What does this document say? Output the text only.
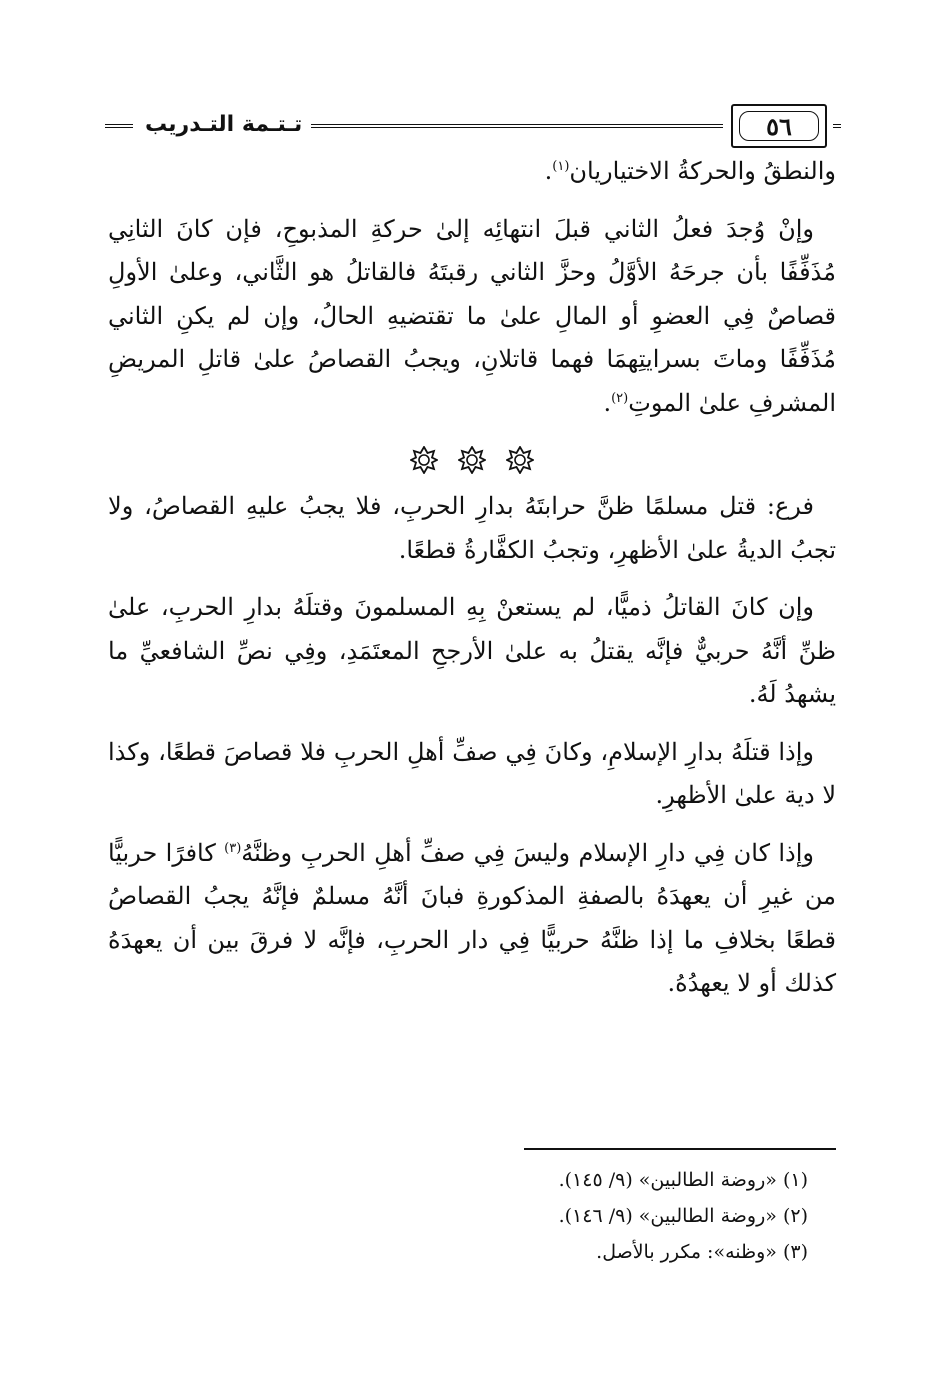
تـتـمة التـدريب	٥٦

والنطقُ والحركةُ الاختياريان$^{(١)}$.

وإنْ وُجدَ فعلُ الثاني قبلَ انتهائِه إلىٰ حركةِ المذبوحِ، فإن كانَ الثانِي مُذَفِّفًا بأن جرحَهُ الأوَّلُ وحزَّ الثاني رقبتَهُ فالقاتلُ هو الثَّاني، وعلىٰ الأولِ قصاصٌ فِي العضوِ أو المالِ علىٰ ما تقتضيهِ الحالُ، وإن لم يكنِ الثاني مُذَفِّفًا وماتَ بسرايتِهمَا فهما قاتلانِ، ويجبُ القصاصُ علىٰ قاتلِ المريضِ المشرفِ علىٰ الموتِ$^{(٢)}$.

فرع: قتل مسلمًا ظنَّ حرابتَهُ بدارِ الحربِ، فلا يجبُ عليهِ القصاصُ، ولا تجبُ الديةُ علىٰ الأظهرِ، وتجبُ الكفَّارةُ قطعًا.

وإن كانَ القاتلُ ذميًّا، لم يستعنْ بِهِ المسلمونَ وقتلَهُ بدارِ الحربِ، علىٰ ظنِّ أنَّهُ حربيٌّ فإنَّه يقتلُ به علىٰ الأرجحِ المعتَمَدِ، وفِي نصِّ الشافعيِّ ما يشهدُ لَهُ.

وإذا قتلَهُ بدارِ الإسلامِ، وكانَ فِي صفِّ أهلِ الحربِ فلا قصاصَ قطعًا، وكذا لا دية علىٰ الأظهرِ.

وإذا كان فِي دارِ الإسلام وليسَ فِي صفِّ أهلِ الحربِ وظنَّهُ$^{(٣)}$ كافرًا حربيًّا من غيرِ أن يعهدَهُ بالصفةِ المذكورةِ فبانَ أنَّهُ مسلمٌ فإنَّهُ يجبُ القصاصُ قطعًا بخلافِ ما إذا ظنَّهُ حربيًّا فِي دار الحربِ، فإنَّه لا فرقَ بين أن يعهدَهُ كذلك أو لا يعهدُهُ.

(١) «روضة الطالبين» (٩/ ١٤٥).

(٢) «روضة الطالبين» (٩/ ١٤٦).

(٣) «وظنه»: مكرر بالأصل.
